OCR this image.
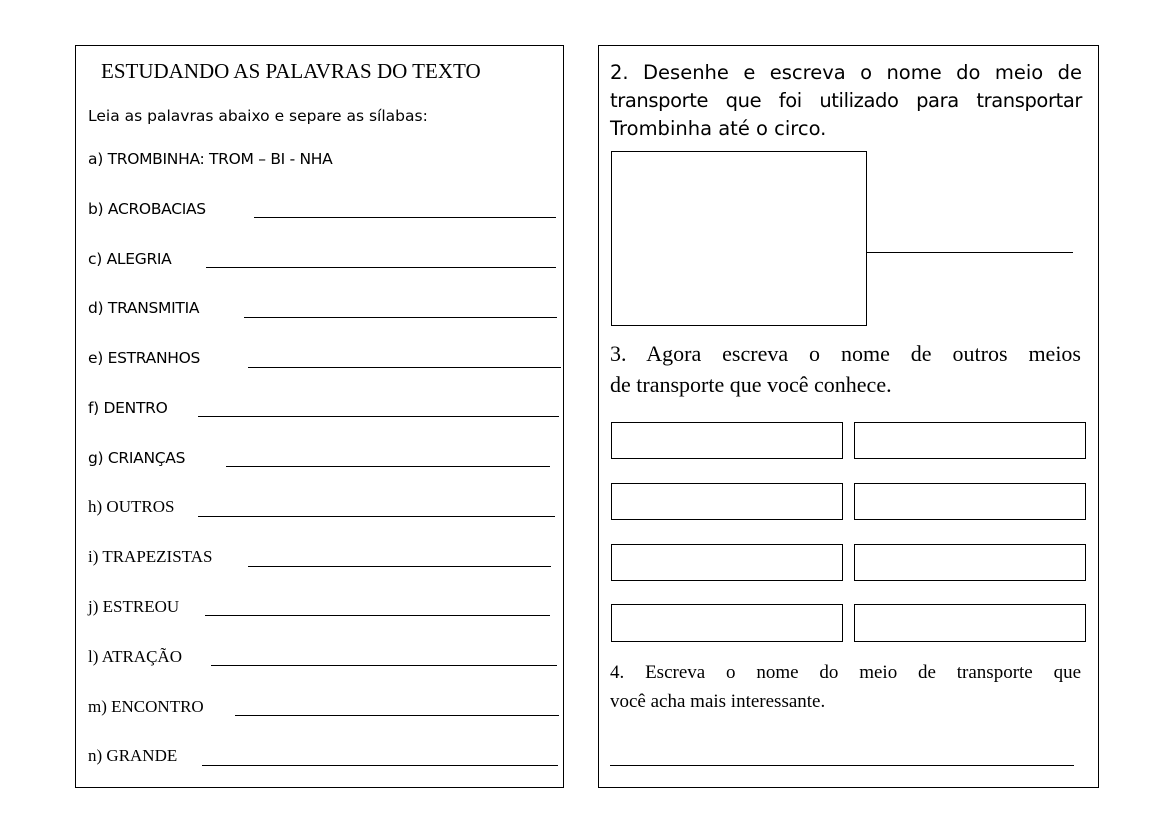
ESTUDANDO AS PALAVRAS DO TEXTO
Leia as palavras abaixo e separe as sílabas:
a) TROMBINHA: TROM – BI - NHA
b) ACROBACIAS
c) ALEGRIA
d) TRANSMITIA
e) ESTRANHOS
f) DENTRO
g) CRIANÇAS
h) OUTROS
i) TRAPEZISTAS
j) ESTREOU
l) ATRAÇÃO
m) ENCONTRO
n) GRANDE
2. Desenhe e escreva o nome do meio de
transporte que foi utilizado para transportar
Trombinha até o circo.
3. Agora escreva o nome de outros meios
de transporte que você conhece.
4. Escreva o nome do meio de transporte que
você acha mais interessante.
